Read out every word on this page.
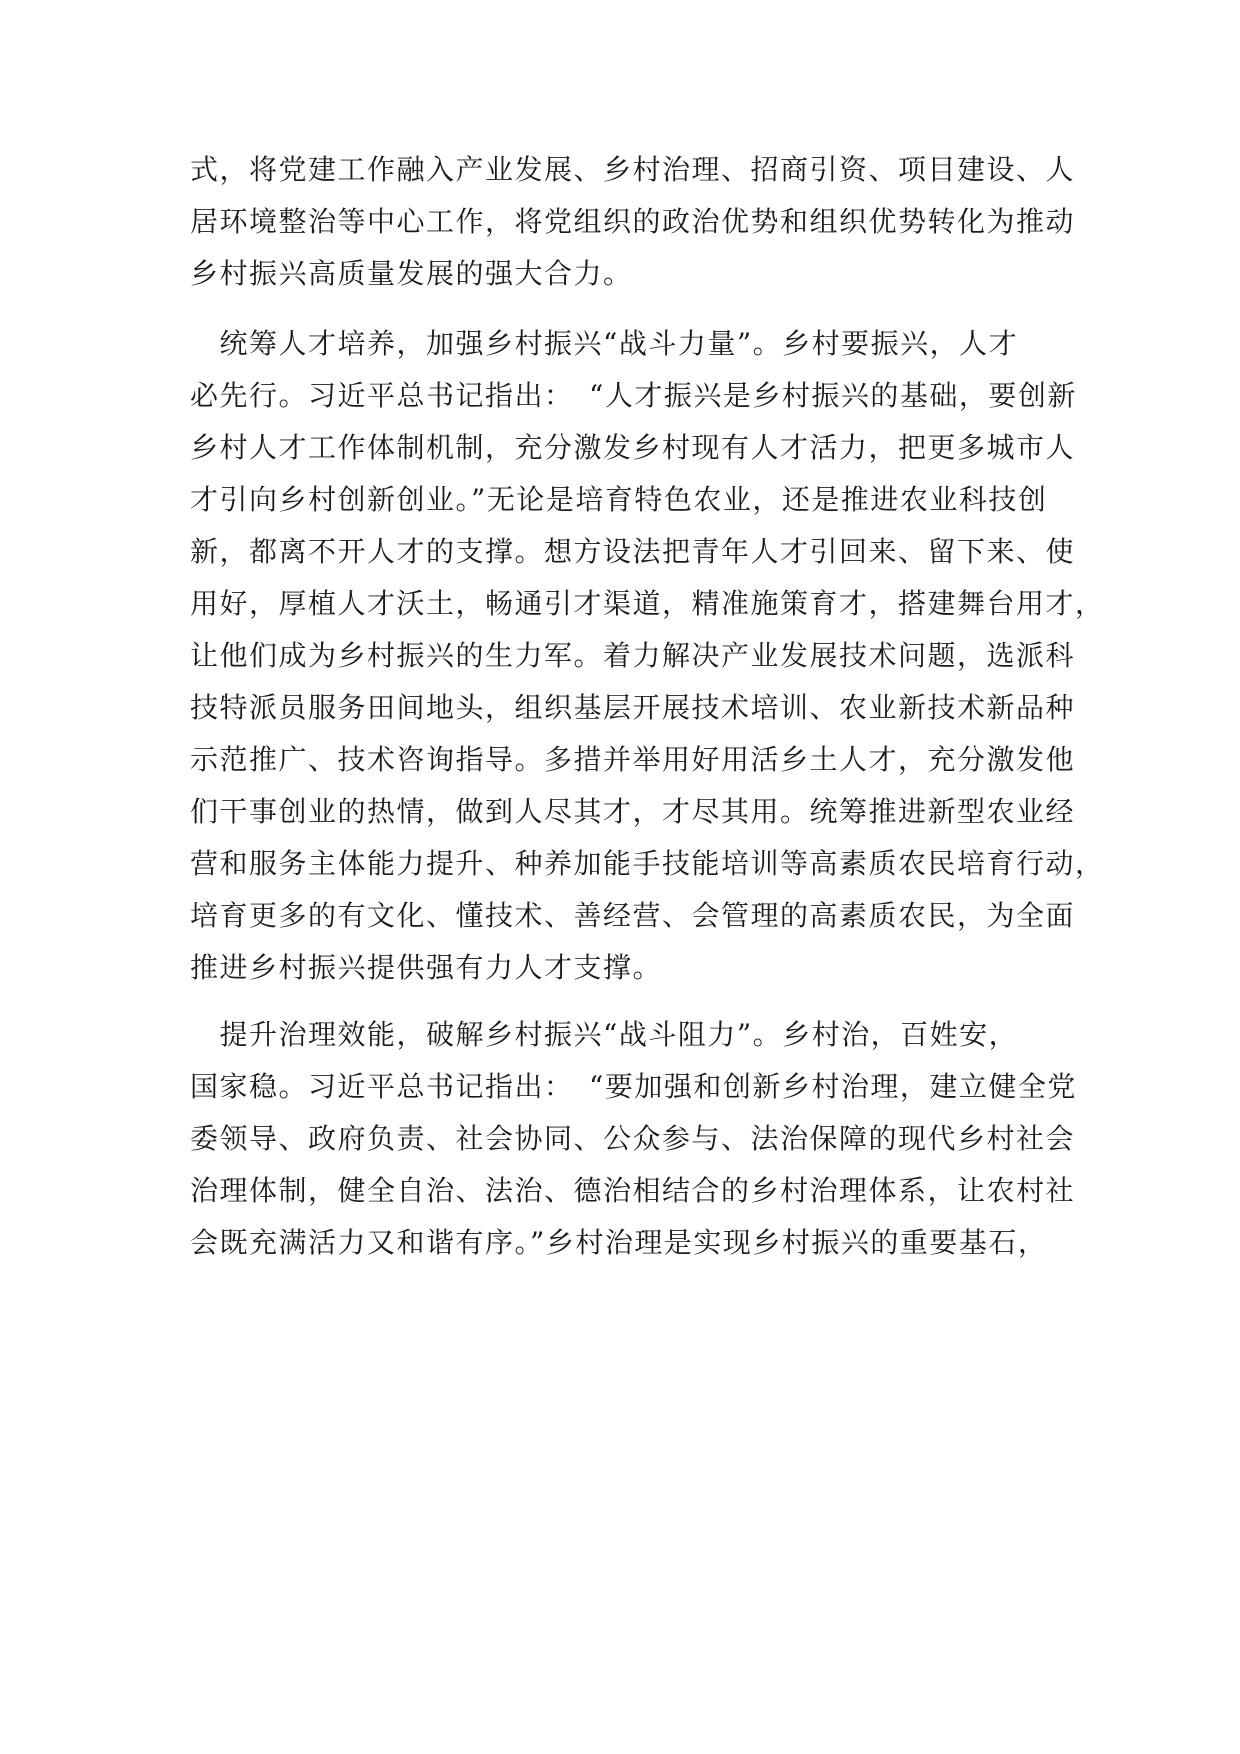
式，将党建工作融入产业发展、乡村治理、招商引资、项目建设、人
居环境整治等中心工作，将党组织的政治优势和组织优势转化为推动
乡村振兴高质量发展的强大合力。
　统筹人才培养，加强乡村振兴“战斗力量”。乡村要振兴，人才
必先行。习近平总书记指出：　“人才振兴是乡村振兴的基础，要创新
乡村人才工作体制机制，充分激发乡村现有人才活力，把更多城市人
才引向乡村创新创业。”无论是培育特色农业，还是推进农业科技创
新，都离不开人才的支撑。想方设法把青年人才引回来、留下来、使
用好，厚植人才沃土，畅通引才渠道，精准施策育才，搭建舞台用才，
让他们成为乡村振兴的生力军。着力解决产业发展技术问题，选派科
技特派员服务田间地头，组织基层开展技术培训、农业新技术新品种
示范推广、技术咨询指导。多措并举用好用活乡土人才，充分激发他
们干事创业的热情，做到人尽其才，才尽其用。统筹推进新型农业经
营和服务主体能力提升、种养加能手技能培训等高素质农民培育行动，
培育更多的有文化、懂技术、善经营、会管理的高素质农民，为全面
推进乡村振兴提供强有力人才支撑。
　提升治理效能，破解乡村振兴“战斗阻力”。乡村治，百姓安，
国家稳。习近平总书记指出：　“要加强和创新乡村治理，建立健全党
委领导、政府负责、社会协同、公众参与、法治保障的现代乡村社会
治理体制，健全自治、法治、德治相结合的乡村治理体系，让农村社
会既充满活力又和谐有序。”乡村治理是实现乡村振兴的重要基石，
